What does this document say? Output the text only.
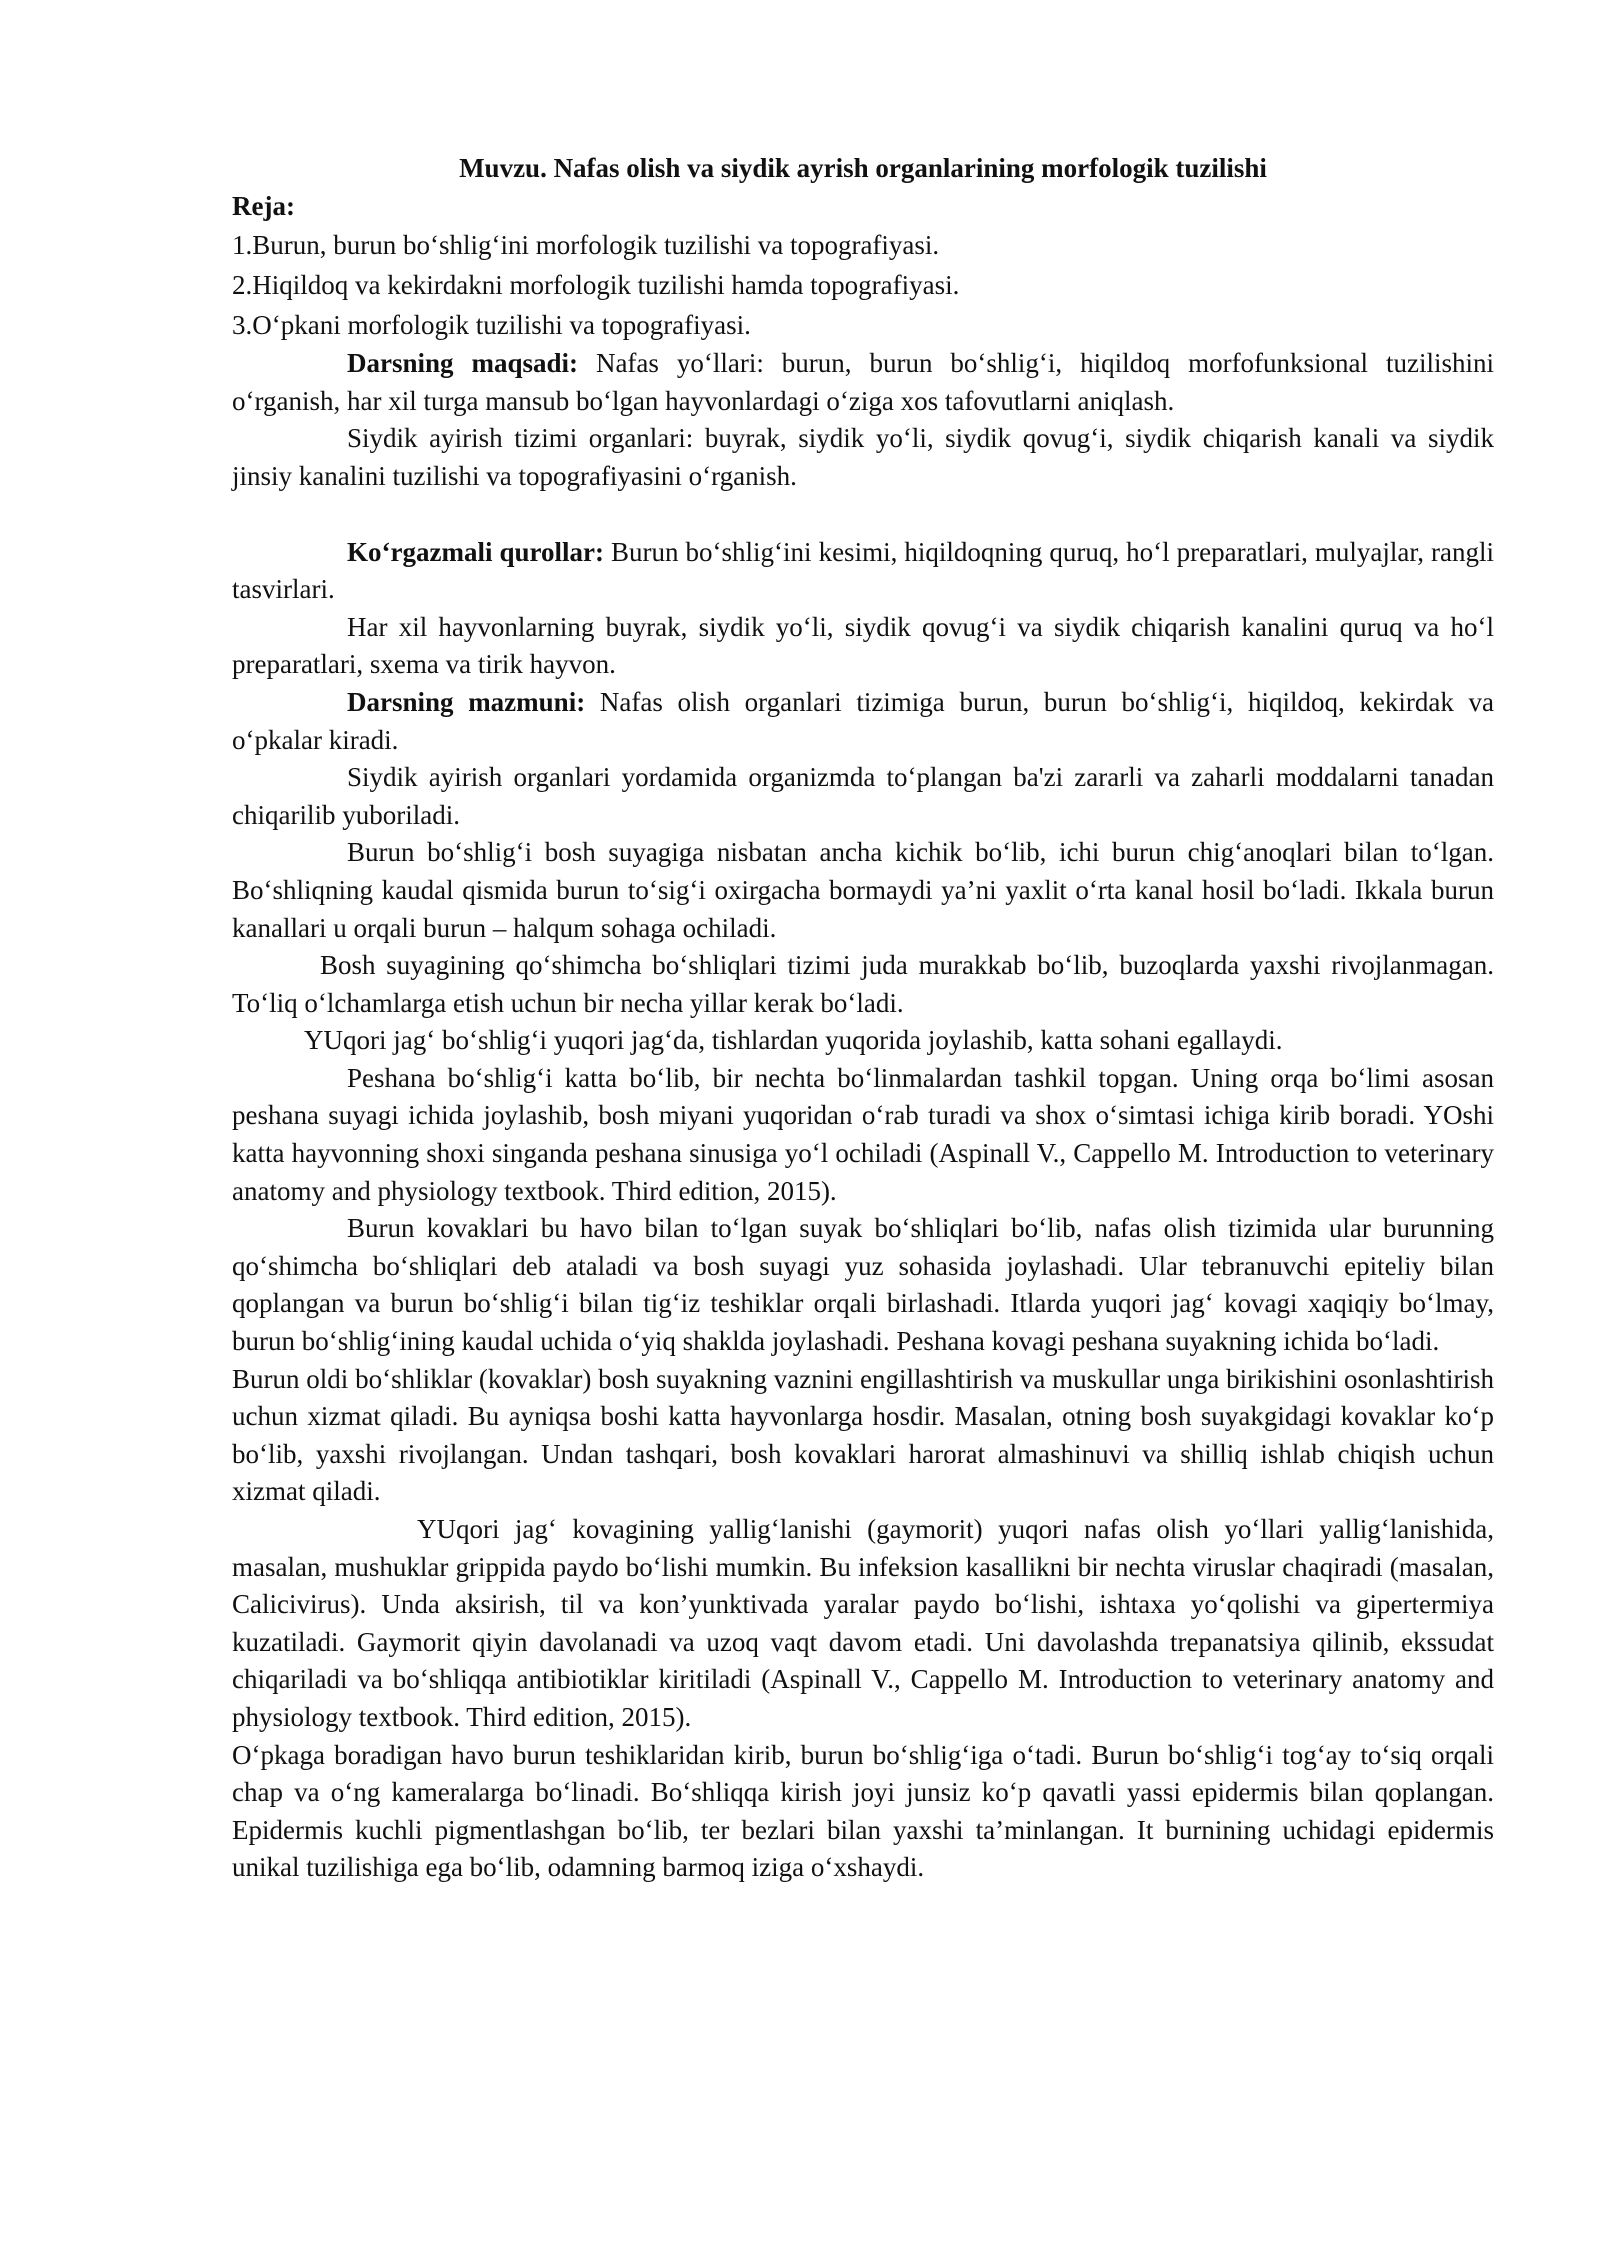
Muvzu. Nafas olish va siydik ayrish organlarining morfologik tuzilishi

Reja:

1.Burun, burun bo‘shlig‘ini morfologik tuzilishi va topografiyasi.

2.Hiqildoq va kekirdakni morfologik tuzilishi hamda topografiyasi.

3.O‘pkani morfologik tuzilishi va topografiyasi.

Darsning maqsadi: Nafas yo‘llari: burun, burun bo‘shlig‘i, hiqildoq morfofunksional tuzilishini o‘rganish, har xil turga mansub bo‘lgan hayvonlardagi o‘ziga xos tafovutlarni aniqlash.

Siydik ayirish tizimi organlari: buyrak, siydik yo‘li, siydik qovug‘i, siydik chiqarish kanali va siydik jinsiy kanalini tuzilishi va topografiyasini o‘rganish.

Ko‘rgazmali qurollar: Burun bo‘shlig‘ini kesimi, hiqildoqning quruq, ho‘l preparatlari, mulyajlar, rangli tasvirlari.

Har xil hayvonlarning buyrak, siydik yo‘li, siydik qovug‘i va siydik chiqarish kanalini quruq va ho‘l preparatlari, sxema va tirik hayvon.

Darsning mazmuni: Nafas olish organlari tizimiga burun, burun bo‘shlig‘i, hiqildoq, kekirdak va o‘pkalar kiradi.

Siydik ayirish organlari yordamida organizmda to‘plangan ba'zi zararli va zaharli moddalarni tanadan chiqarilib yuboriladi.

Burun bo‘shlig‘i bosh suyagiga nisbatan ancha kichik bo‘lib, ichi burun chig‘anoqlari bilan to‘lgan. Bo‘shliqning kaudal qismida burun to‘sig‘i oxirgacha bormaydi ya’ni yaxlit o‘rta kanal hosil bo‘ladi. Ikkala burun kanallari u orqali burun – halqum sohaga ochiladi.

Bosh suyagining qo‘shimcha bo‘shliqlari tizimi juda murakkab bo‘lib, buzoqlarda yaxshi rivojlanmagan. To‘liq o‘lchamlarga etish uchun bir necha yillar kerak bo‘ladi.

YUqori jag‘ bo‘shlig‘i yuqori jag‘da, tishlardan yuqorida joylashib, katta sohani egallaydi.

Peshana bo‘shlig‘i katta bo‘lib, bir nechta bo‘linmalardan tashkil topgan. Uning orqa bo‘limi asosan peshana suyagi ichida joylashib, bosh miyani yuqoridan o‘rab turadi va shox o‘simtasi ichiga kirib boradi. YOshi katta hayvonning shoxi singanda peshana sinusiga yo‘l ochiladi (Aspinall V., Cappello M. Introduction to veterinary anatomy and physiology textbook. Third edition, 2015).

Burun kovaklari bu havo bilan to‘lgan suyak bo‘shliqlari bo‘lib, nafas olish tizimida ular burunning qo‘shimcha bo‘shliqlari deb ataladi va bosh suyagi yuz sohasida joylashadi. Ular tebranuvchi epiteliy bilan qoplangan va burun bo‘shlig‘i bilan tig‘iz teshiklar orqali birlashadi. Itlarda yuqori jag‘ kovagi xaqiqiy bo‘lmay, burun bo‘shlig‘ining kaudal uchida o‘yiq shaklda joylashadi. Peshana kovagi peshana suyakning ichida bo‘ladi.

Burun oldi bo‘shliklar (kovaklar) bosh suyakning vaznini engillashtirish va muskullar unga birikishini osonlashtirish uchun xizmat qiladi. Bu ayniqsa boshi katta hayvonlarga hosdir. Masalan, otning bosh suyakgidagi kovaklar ko‘p bo‘lib, yaxshi rivojlangan. Undan tashqari, bosh kovaklari harorat almashinuvi va shilliq ishlab chiqish uchun xizmat qiladi.

YUqori jag‘ kovagining yallig‘lanishi (gaymorit) yuqori nafas olish yo‘llari yallig‘lanishida, masalan, mushuklar grippida paydo bo‘lishi mumkin. Bu infeksion kasallikni bir nechta viruslar chaqiradi (masalan, Calicivirus). Unda aksirish, til va kon’yunktivada yaralar paydo bo‘lishi, ishtaxa yo‘qolishi va gipertermiya kuzatiladi. Gaymorit qiyin davolanadi va uzoq vaqt davom etadi. Uni davolashda trepanatsiya qilinib, ekssudat chiqariladi va bo‘shliqqa antibiotiklar kiritiladi (Aspinall V., Cappello M. Introduction to veterinary anatomy and physiology textbook. Third edition, 2015).

O‘pkaga boradigan havo burun teshiklaridan kirib, burun bo‘shlig‘iga o‘tadi. Burun bo‘shlig‘i tog‘ay to‘siq orqali chap va o‘ng kameralarga bo‘linadi. Bo‘shliqqa kirish joyi junsiz ko‘p qavatli yassi epidermis bilan qoplangan. Epidermis kuchli pigmentlashgan bo‘lib, ter bezlari bilan yaxshi ta’minlangan. It burnining uchidagi epidermis unikal tuzilishiga ega bo‘lib, odamning barmoq iziga o‘xshaydi.
